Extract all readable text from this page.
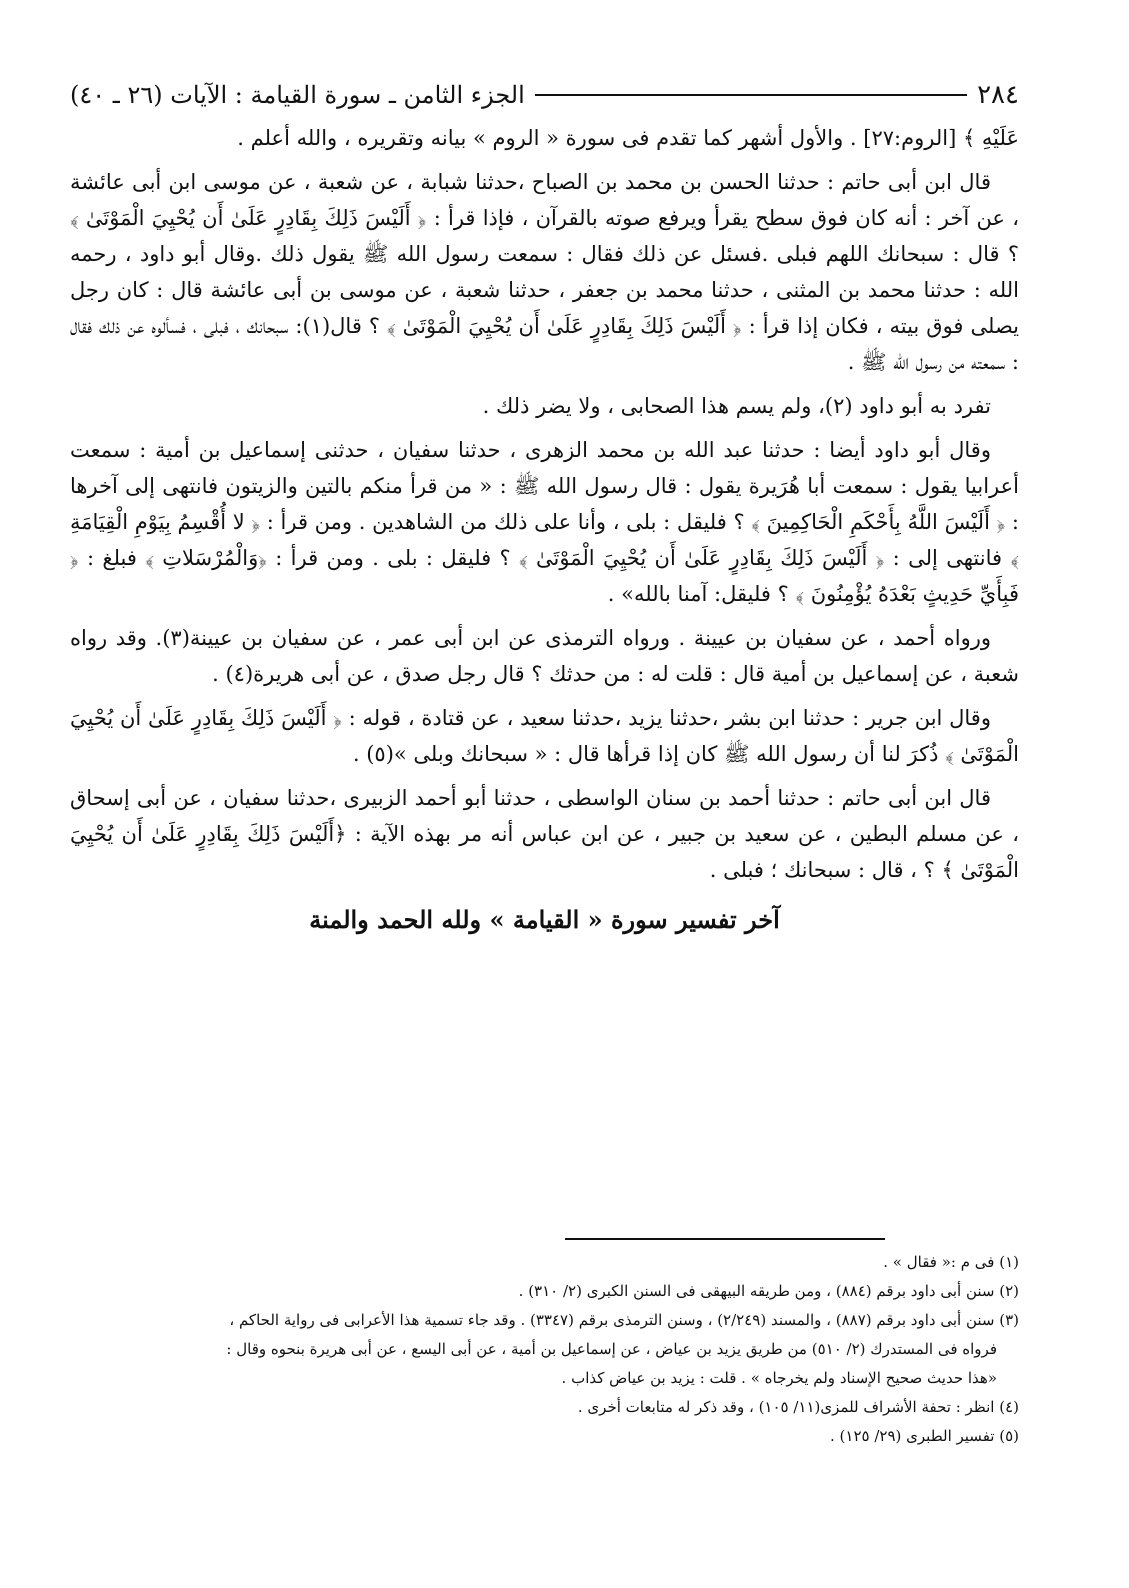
٢٨٤
الجزء الثامن ـ سورة القيامة : الآيات (٢٦ ـ ٤٠)

عَلَيْهِ ﴾ [الروم:٢٧] . والأول أشهر كما تقدم فى سورة « الروم » بيانه وتقريره ، والله أعلم .

قال ابن أبى حاتم : حدثنا الحسن بن محمد بن الصباح ،حدثنا شبابة ، عن شعبة ، عن موسى ابن أبى عائشة ، عن آخر : أنه كان فوق سطح يقرأ ويرفع صوته بالقرآن ، فإذا قرأ : ﴿ أَلَيْسَ ذَلِكَ بِقَادِرٍ عَلَىٰ أَن يُحْيِيَ الْمَوْتَىٰ ﴾ ؟ قال : سبحانك اللهم فبلى .فسئل عن ذلك فقال : سمعت رسول الله ﷺ يقول ذلك .وقال أبو داود ، رحمه الله : حدثنا محمد بن المثنى ، حدثنا محمد بن جعفر ، حدثنا شعبة ، عن موسى بن أبى عائشة قال : كان رجل يصلى فوق بيته ، فكان إذا قرأ : ﴿ أَلَيْسَ ذَلِكَ بِقَادِرٍ عَلَىٰ أَن يُحْيِيَ الْمَوْتَىٰ ﴾ ؟ قال(١): سبحانك ، فبلى ، فسألوه عن ذلك فقال : سمعته من رسول الله ﷺ .

تفرد به أبو داود (٢)، ولم يسم هذا الصحابى ، ولا يضر ذلك .

وقال أبو داود أيضا : حدثنا عبد الله بن محمد الزهرى ، حدثنا سفيان ، حدثنى إسماعيل بن أمية : سمعت أعرابيا يقول : سمعت أبا هُرَيرة يقول : قال رسول الله ﷺ : « من قرأ منكم بالتين والزيتون فانتهى إلى آخرها : ﴿ أَلَيْسَ اللَّهُ بِأَحْكَمِ الْحَاكِمِينَ ﴾ ؟ فليقل : بلى ، وأنا على ذلك من الشاهدين . ومن قرأ : ﴿ لا أُقْسِمُ بِيَوْمِ الْقِيَامَةِ ﴾ فانتهى إلى : ﴿ أَلَيْسَ ذَلِكَ بِقَادِرٍ عَلَىٰ أَن يُحْيِيَ الْمَوْتَىٰ ﴾ ؟ فليقل : بلى . ومن قرأ : ﴿وَالْمُرْسَلاتِ ﴾ فبلغ : ﴿ فَبِأَيِّ حَدِيثٍ بَعْدَهُ يُؤْمِنُونَ ﴾ ؟ فليقل: آمنا بالله» .

ورواه أحمد ، عن سفيان بن عيينة . ورواه الترمذى عن ابن أبى عمر ، عن سفيان بن عيينة(٣). وقد رواه شعبة ، عن إسماعيل بن أمية قال : قلت له : من حدثك ؟ قال رجل صدق ، عن أبى هريرة(٤) .

وقال ابن جرير : حدثنا ابن بشر ،حدثنا يزيد ،حدثنا سعيد ، عن قتادة ، قوله : ﴿ أَلَيْسَ ذَلِكَ بِقَادِرٍ عَلَىٰ أَن يُحْيِيَ الْمَوْتَىٰ ﴾ ذُكرَ لنا أن رسول الله ﷺ كان إذا قرأها قال : « سبحانك وبلى »(٥) .

قال ابن أبى حاتم : حدثنا أحمد بن سنان الواسطى ، حدثنا أبو أحمد الزبيرى ،حدثنا سفيان ، عن أبى إسحاق ، عن مسلم البطين ، عن سعيد بن جبير ، عن ابن عباس أنه مر بهذه الآية : ﴿أَلَيْسَ ذَلِكَ بِقَادِرٍ عَلَىٰ أَن يُحْيِيَ الْمَوْتَىٰ ﴾ ؟ ، قال : سبحانك ؛ فبلى .

آخر تفسير سورة « القيامة » ولله الحمد والمنة

(١) فى م :« فقال » .

(٢) سنن أبى داود برقم (٨٨٤) ، ومن طريقه البيهقى فى السنن الكبرى (٢/ ٣١٠) .

(٣) سنن أبى داود برقم (٨٨٧) ، والمسند (٢/٢٤٩) ، وسنن الترمذى برقم (٣٣٤٧) . وقد جاء تسمية هذا الأعرابى فى رواية الحاكم ،

فرواه فى المستدرك (٢/ ٥١٠) من طريق يزيد بن عياض ، عن إسماعيل بن أمية ، عن أبى اليسع ، عن أبى هريرة بنحوه وقال :

«هذا حديث صحيح الإسناد ولم يخرجاه » . قلت : يزيد بن عياض كذاب .

(٤) انظر : تحفة الأشراف للمزى(١١/ ١٠٥) ، وقد ذكر له متابعات أخرى .

(٥) تفسير الطبرى (٢٩/ ١٢٥) .
